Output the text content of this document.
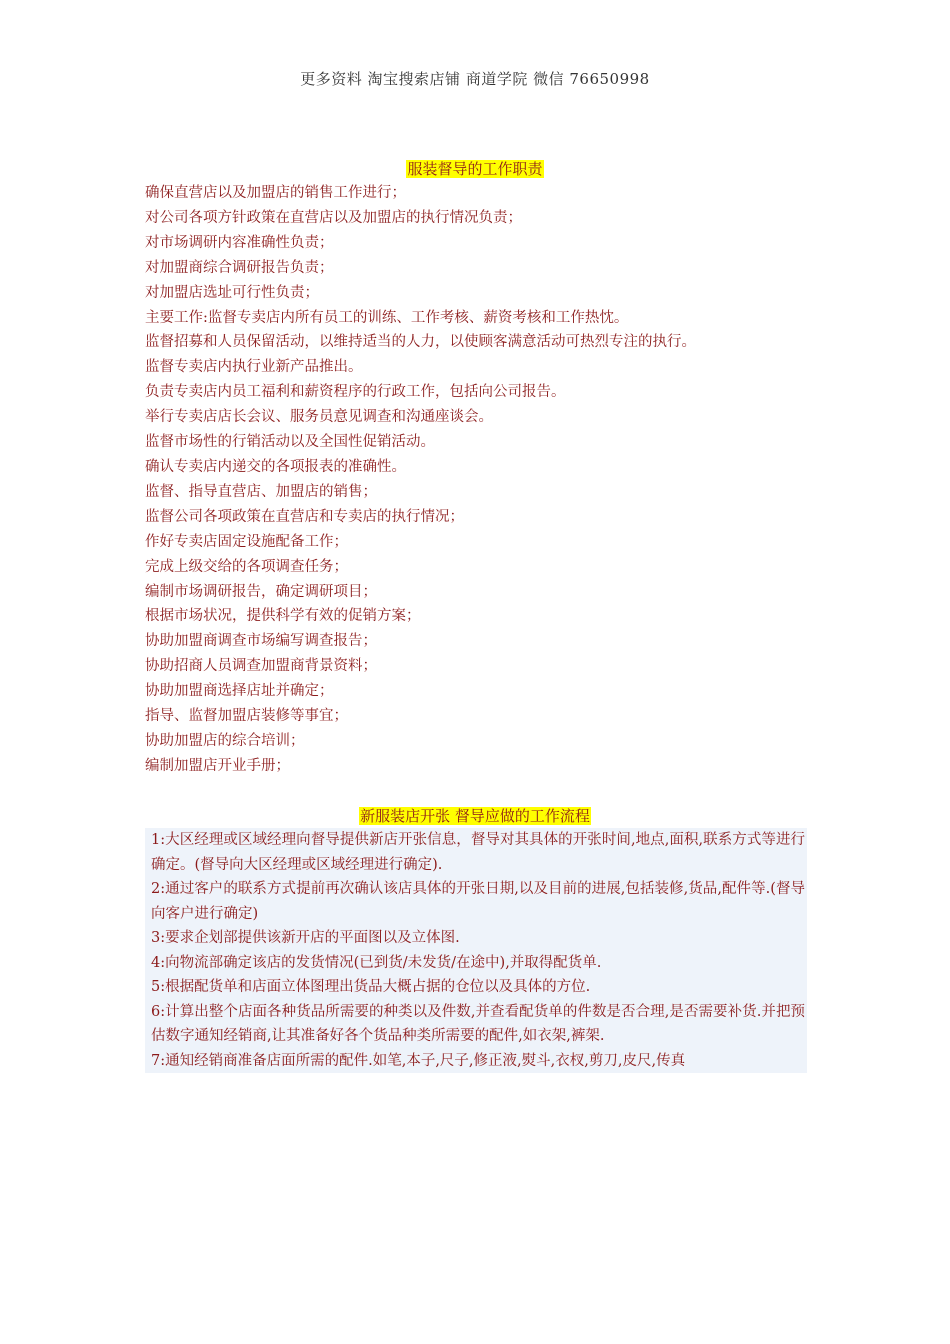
更多资料 淘宝搜索店铺 商道学院 微信 76650998
服装督导的工作职责
确保直营店以及加盟店的销售工作进行；
对公司各项方针政策在直营店以及加盟店的执行情况负责；
对市场调研内容准确性负责；
对加盟商综合调研报告负责；
对加盟店选址可行性负责；
主要工作:监督专卖店内所有员工的训练、工作考核、薪资考核和工作热忱。
监督招募和人员保留活动，以维持适当的人力，以使顾客满意活动可热烈专注的执行。
监督专卖店内执行业新产品推出。
负责专卖店内员工福利和薪资程序的行政工作，包括向公司报告。
举行专卖店店长会议、服务员意见调查和沟通座谈会。
监督市场性的行销活动以及全国性促销活动。
确认专卖店内递交的各项报表的准确性。
监督、指导直营店、加盟店的销售；
监督公司各项政策在直营店和专卖店的执行情况；
作好专卖店固定设施配备工作；
完成上级交给的各项调查任务；
编制市场调研报告，确定调研项目；
根据市场状况，提供科学有效的促销方案；
协助加盟商调查市场编写调查报告；
协助招商人员调查加盟商背景资料；
协助加盟商选择店址并确定；
指导、监督加盟店装修等事宜；
协助加盟店的综合培训；
编制加盟店开业手册；
新服装店开张 督导应做的工作流程
1:大区经理或区域经理向督导提供新店开张信息，督导对其具体的开张时间,地点,面积,联系方式等进行确定。(督导向大区经理或区域经理进行确定).
2:通过客户的联系方式提前再次确认该店具体的开张日期,以及目前的进展,包括装修,货品,配件等.(督导向客户进行确定)
3:要求企划部提供该新开店的平面图以及立体图.
4:向物流部确定该店的发货情况(已到货/未发货/在途中),并取得配货单.
5:根据配货单和店面立体图理出货品大概占据的仓位以及具体的方位.
6:计算出整个店面各种货品所需要的种类以及件数,并查看配货单的件数是否合理,是否需要补货.并把预估数字通知经销商,让其准备好各个货品种类所需要的配件,如衣架,裤架.
7:通知经销商准备店面所需的配件.如笔,本子,尺子,修正液,熨斗,衣杈,剪刀,皮尺,传真
